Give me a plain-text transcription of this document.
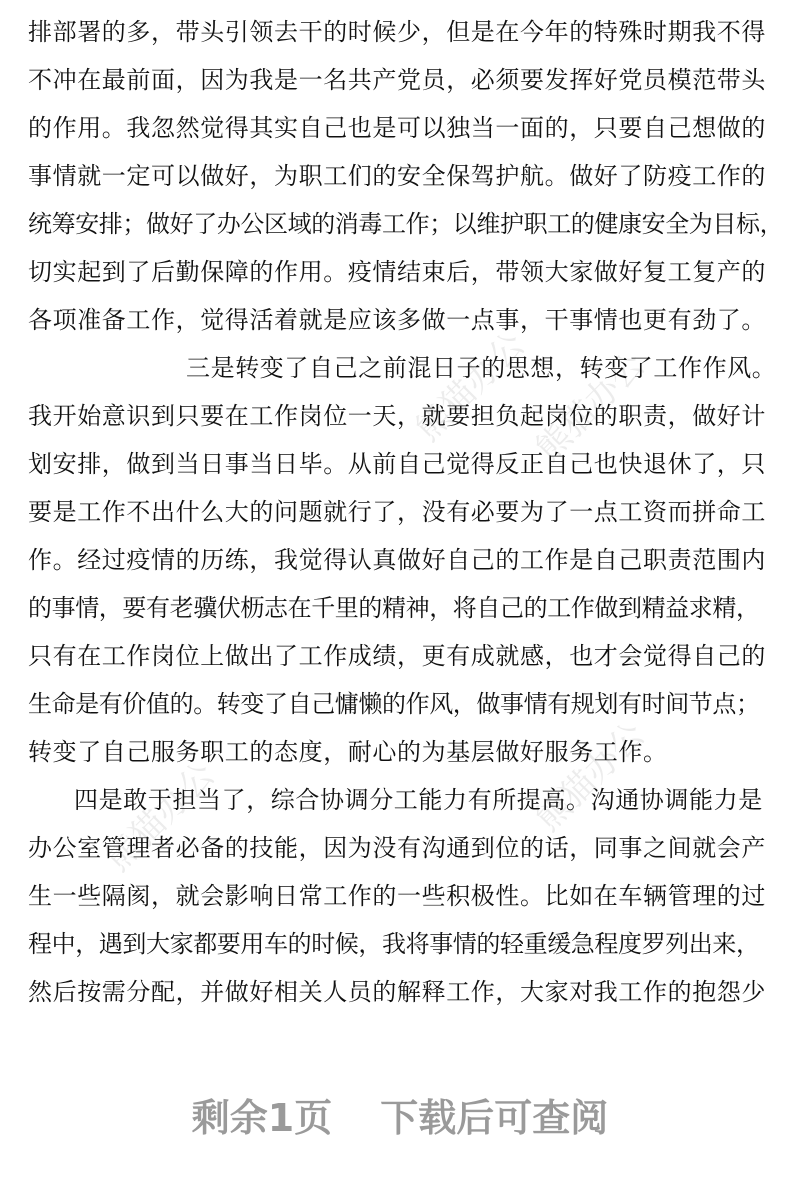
熊猫办公
熊猫办公
熊猫办公	熊猫办公
排部署的多，带头引领去干的时候少，但是在今年的特殊时期我不得
不冲在最前面，因为我是一名共产党员，必须要发挥好党员模范带头
的作用。我忽然觉得其实自己也是可以独当一面的，只要自己想做的
事情就一定可以做好，为职工们的安全保驾护航。做好了防疫工作的
统筹安排；做好了办公区域的消毒工作；以维护职工的健康安全为目标，
切实起到了后勤保障的作用。疫情结束后，带领大家做好复工复产的
各项准备工作，觉得活着就是应该多做一点事，干事情也更有劲了。
三是转变了自己之前混日子的思想，转变了工作作风。
我开始意识到只要在工作岗位一天，就要担负起岗位的职责，做好计
划安排，做到当日事当日毕。从前自己觉得反正自己也快退休了，只
要是工作不出什么大的问题就行了，没有必要为了一点工资而拼命工
作。经过疫情的历练，我觉得认真做好自己的工作是自己职责范围内
的事情，要有老骥伏枥志在千里的精神，将自己的工作做到精益求精，
只有在工作岗位上做出了工作成绩，更有成就感，也才会觉得自己的
生命是有价值的。转变了自己慵懒的作风，做事情有规划有时间节点；
转变了自己服务职工的态度，耐心的为基层做好服务工作。
四是敢于担当了，综合协调分工能力有所提高。沟通协调能力是
办公室管理者必备的技能，因为没有沟通到位的话，同事之间就会产
生一些隔阂，就会影响日常工作的一些积极性。比如在车辆管理的过
程中，遇到大家都要用车的时候，我将事情的轻重缓急程度罗列出来，
然后按需分配，并做好相关人员的解释工作，大家对我工作的抱怨少
剩余1页 下载后可查阅
